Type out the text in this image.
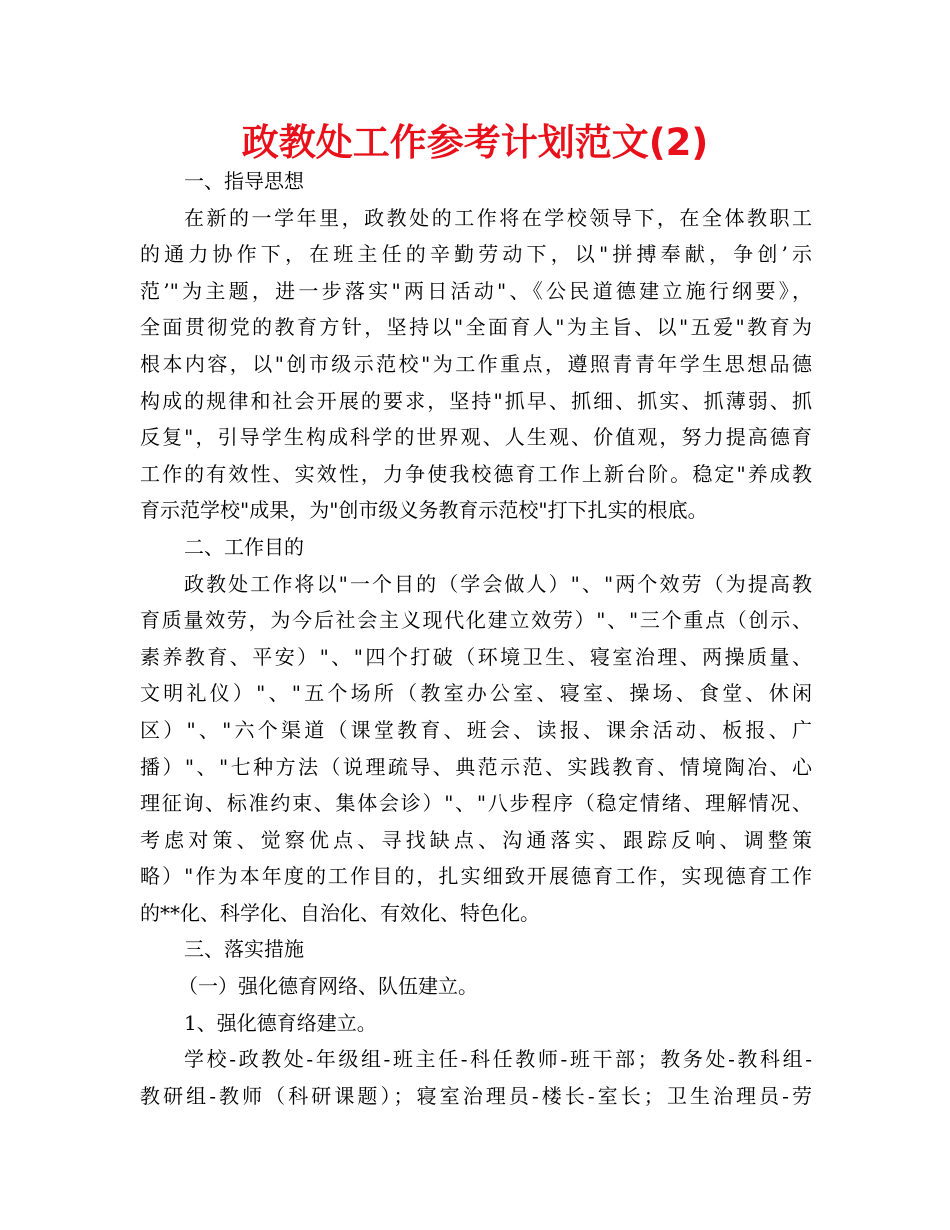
政教处工作参考计划范文(2)
一、指导思想
在新的一学年里，政教处的工作将在学校领导下，在全体教职工
的通力协作下，在班主任的辛勤劳动下，以"拼搏奉献，争创’示
范’"为主题，进一步落实"两日活动"、《公民道德建立施行纲要》，
全面贯彻党的教育方针，坚持以"全面育人"为主旨、以"五爱"教育为
根本内容，以"创市级示范校"为工作重点，遵照青青年学生思想品德
构成的规律和社会开展的要求，坚持"抓早、抓细、抓实、抓薄弱、抓
反复"，引导学生构成科学的世界观、人生观、价值观，努力提高德育
工作的有效性、实效性，力争使我校德育工作上新台阶。稳定"养成教
育示范学校"成果，为"创市级义务教育示范校"打下扎实的根底。
二、工作目的
政教处工作将以"一个目的（学会做人）"、"两个效劳（为提高教
育质量效劳，为今后社会主义现代化建立效劳）"、"三个重点（创示、
素养教育、平安）"、"四个打破（环境卫生、寝室治理、两操质量、
文明礼仪）"、"五个场所（教室办公室、寝室、操场、食堂、休闲
区）"、"六个渠道（课堂教育、班会、读报、课余活动、板报、广
播）"、"七种方法（说理疏导、典范示范、实践教育、情境陶冶、心
理征询、标准约束、集体会诊）"、"八步程序（稳定情绪、理解情况、
考虑对策、觉察优点、寻找缺点、沟通落实、跟踪反响、调整策
略）"作为本年度的工作目的，扎实细致开展德育工作，实现德育工作
的**化、科学化、自治化、有效化、特色化。
三、落实措施
（一）强化德育网络、队伍建立。
1、强化德育络建立。
学校-政教处-年级组-班主任-科任教师-班干部；教务处-教科组-
教研组-教师（科研课题）；寝室治理员-楼长-室长；卫生治理员-劳
